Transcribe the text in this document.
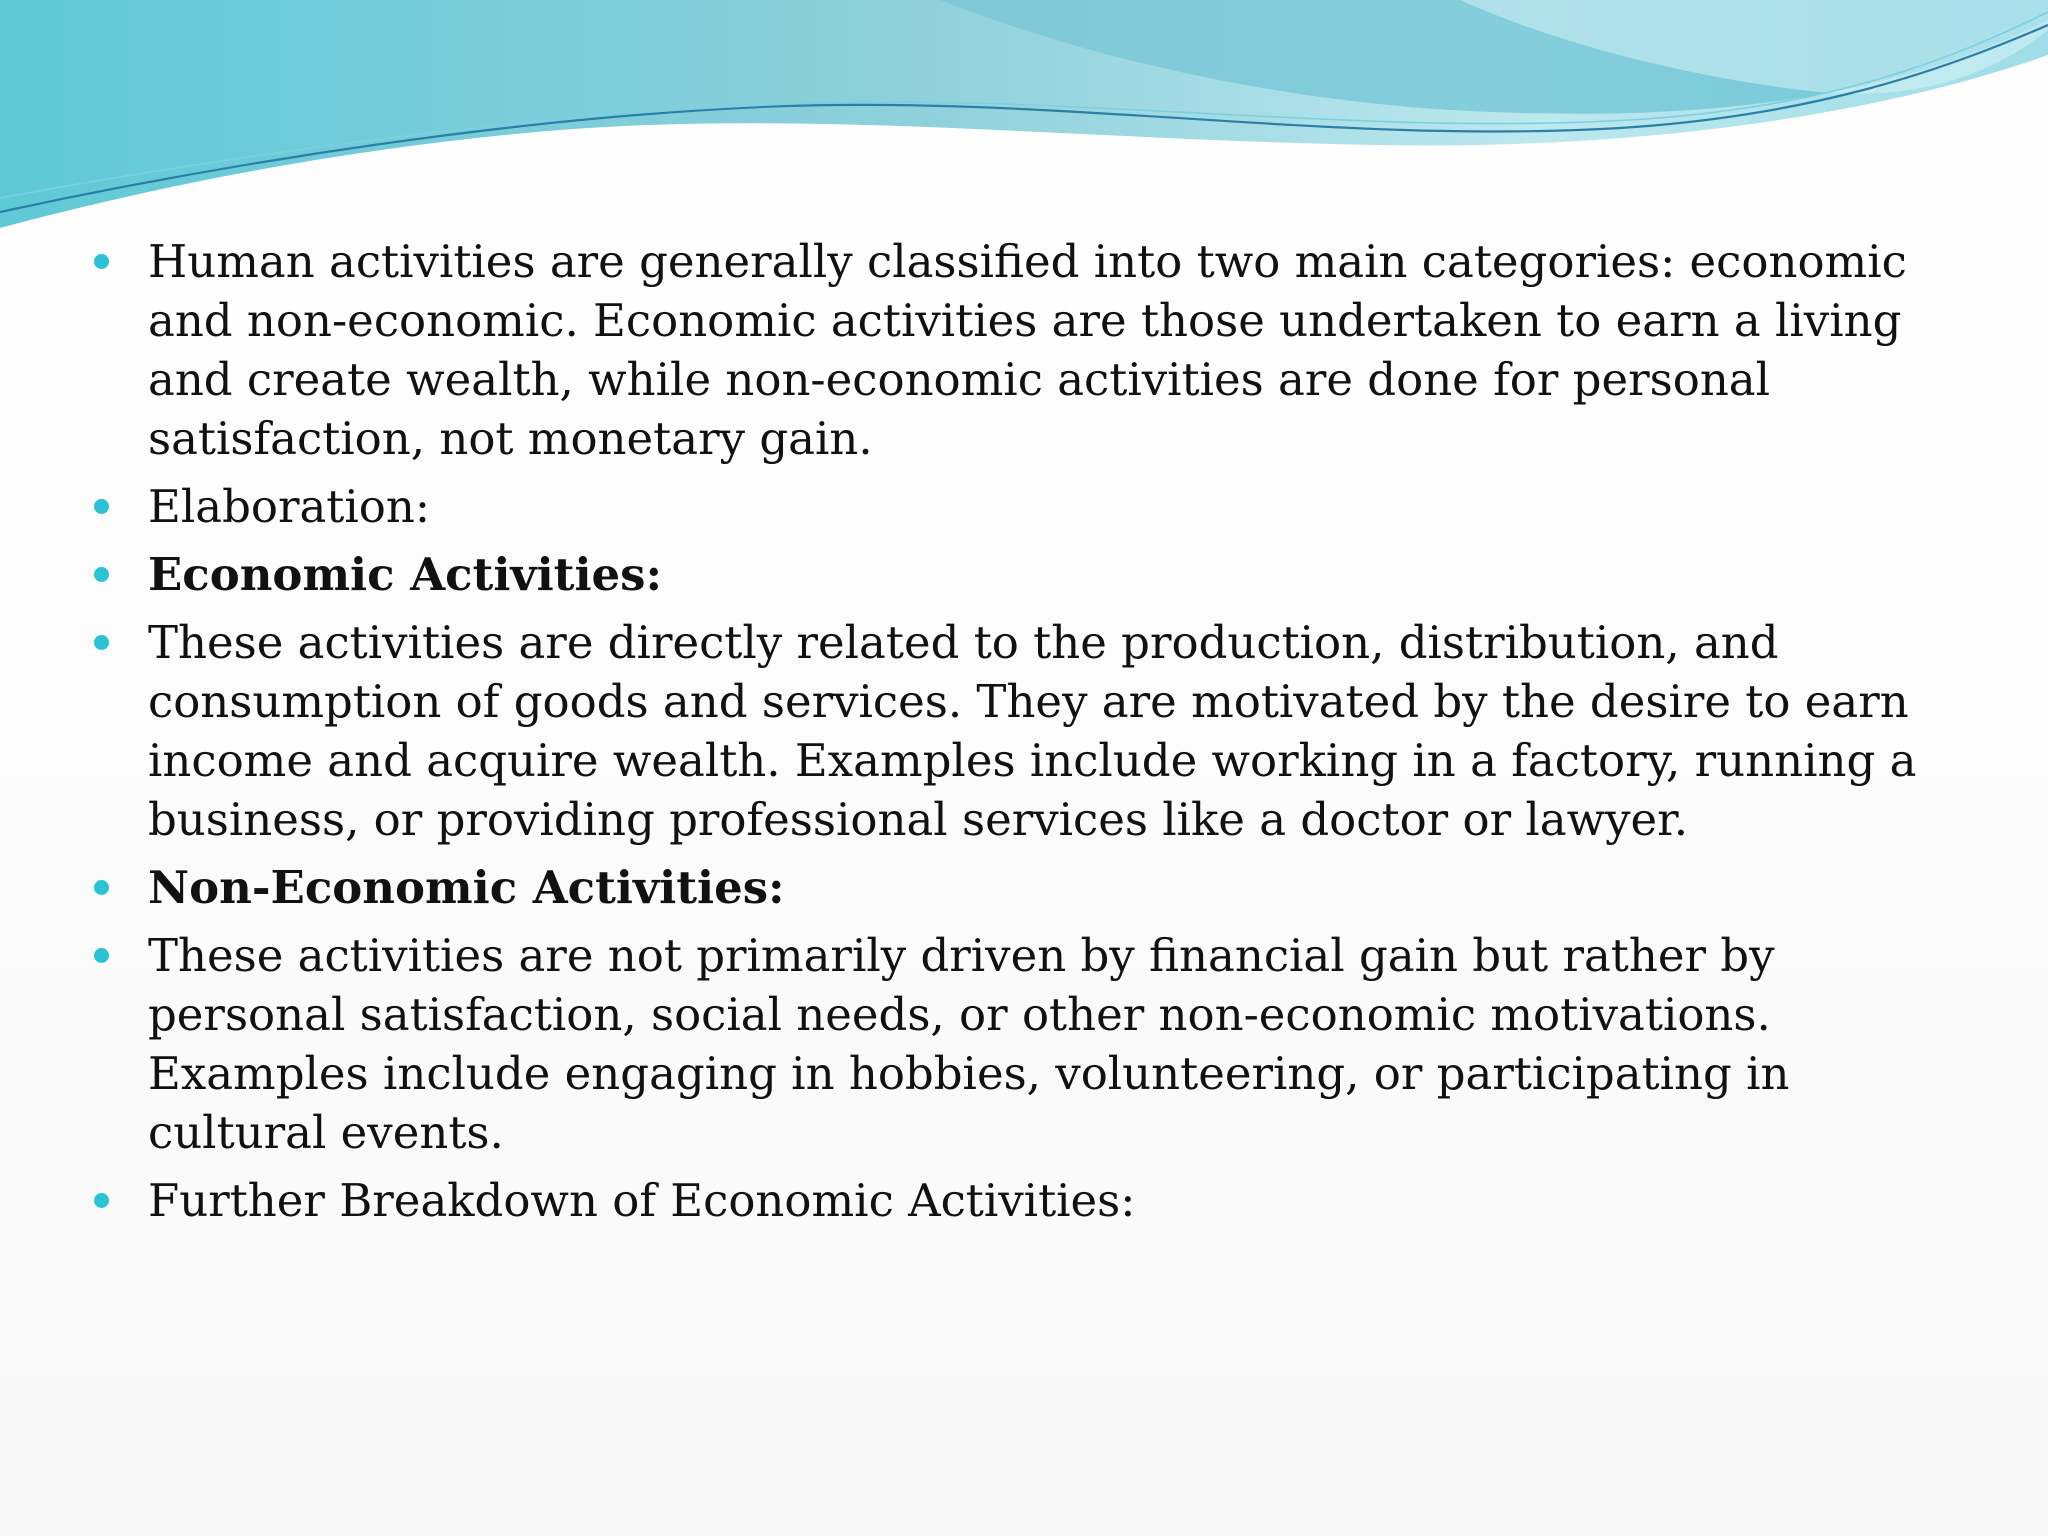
Human activities are generally classified into two main categories: economic and non-economic. Economic activities are those undertaken to earn a living and create wealth, while non-economic activities are done for personal satisfaction, not monetary gain.
Elaboration:
Economic Activities:
These activities are directly related to the production, distribution, and consumption of goods and services. They are motivated by the desire to earn income and acquire wealth. Examples include working in a factory, running a business, or providing professional services like a doctor or lawyer.
Non-Economic Activities:
These activities are not primarily driven by financial gain but rather by personal satisfaction, social needs, or other non-economic motivations. Examples include engaging in hobbies, volunteering, or participating in cultural events.
Further Breakdown of Economic Activities:
